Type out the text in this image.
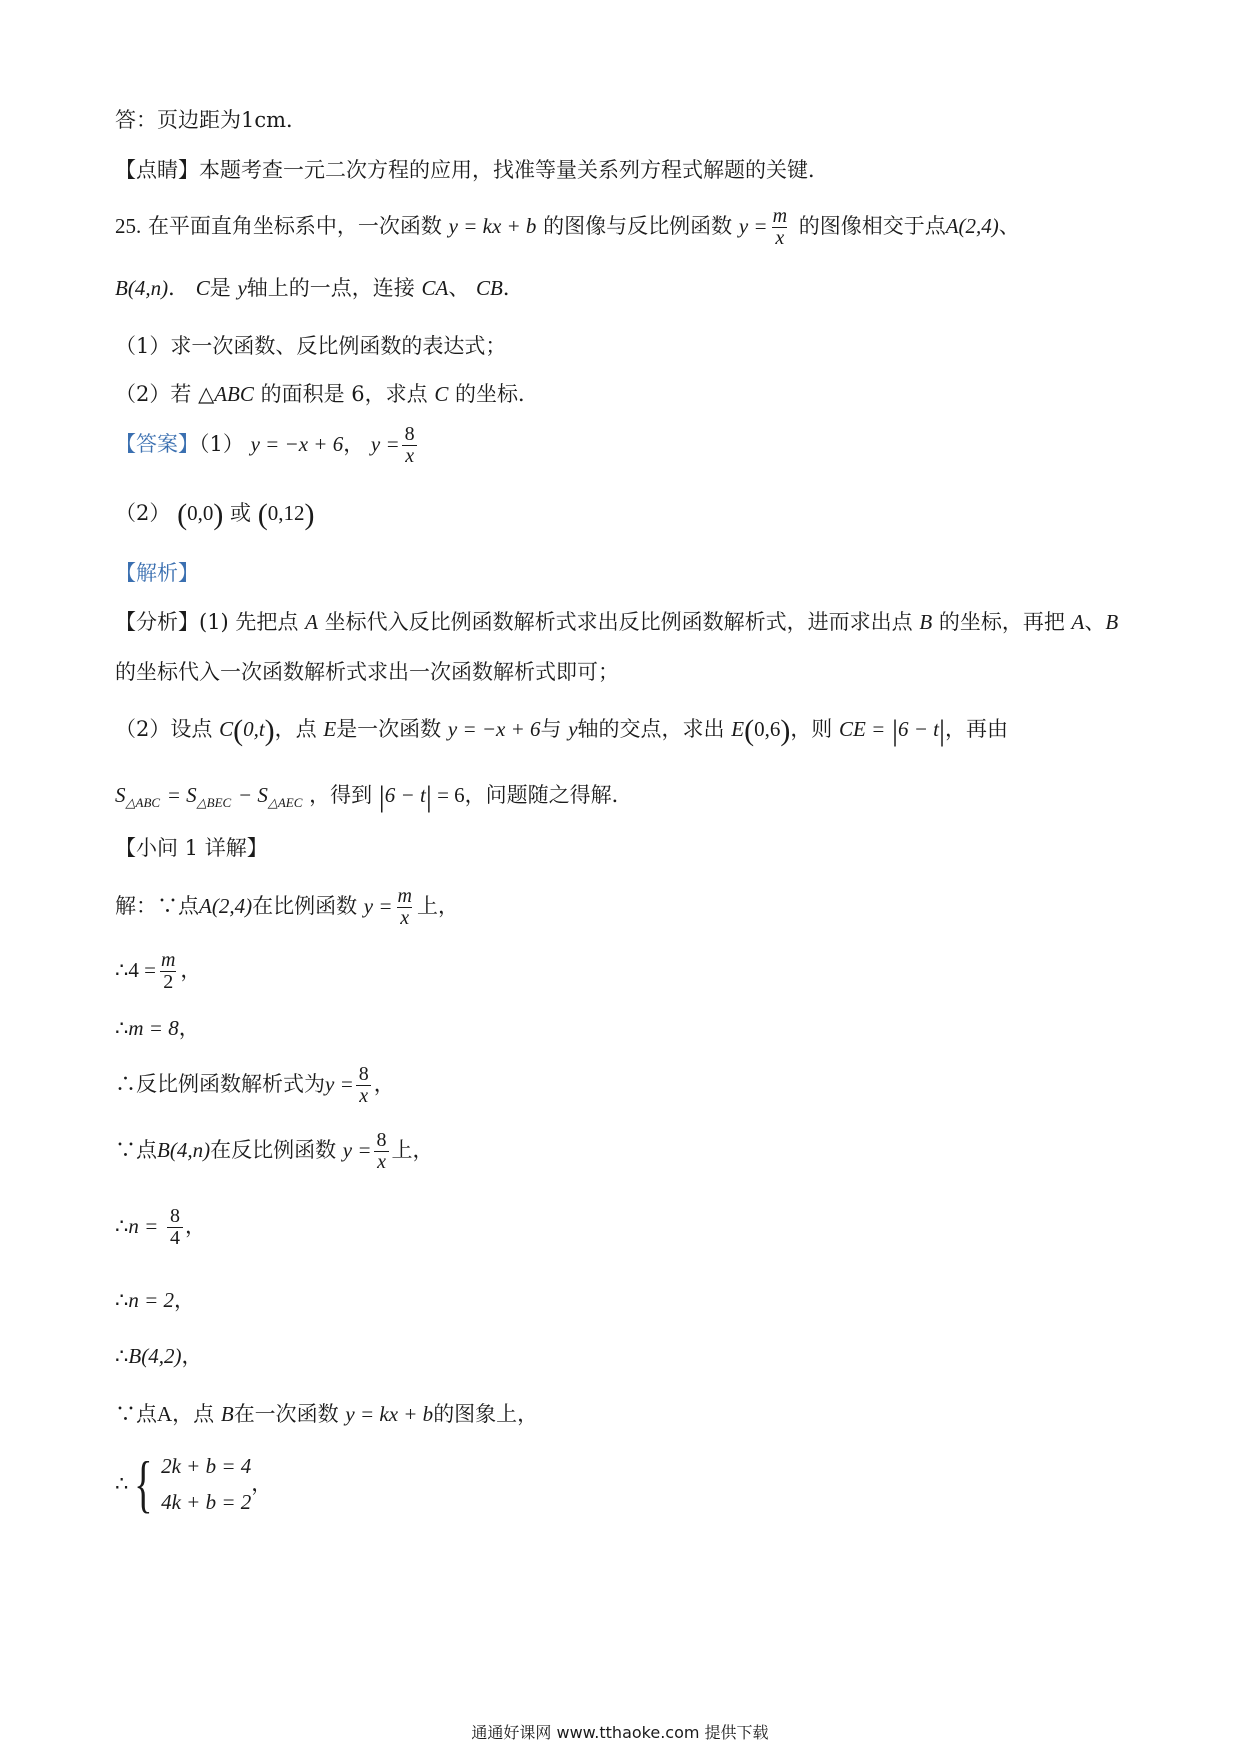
答：页边距为1cm．
【点睛】本题考查一元二次方程的应用，找准等量关系列方程式解题的关键．
25. 在平面直角坐标系中，一次函数 y = kx + b 的图像与反比例函数 $y = \frac{m}{x}$ 的图像相交于点A(2,4)、
B(4,n)． C是 y轴上的一点，连接 CA、 CB．
（1）求一次函数、反比例函数的表达式；
（2）若 △ABC 的面积是 6，求点 C 的坐标．
【答案】（1） y = −x + 6， $y = \frac{8}{x}$
（2） (0,0) 或 (0,12)
【解析】
【分析】(1) 先把点 A 坐标代入反比例函数解析式求出反比例函数解析式，进而求出点 B 的坐标，再把 A、B
的坐标代入一次函数解析式求出一次函数解析式即可；
（2）设点 C(0,t)，点 E是一次函数 y = −x + 6与 y轴的交点，求出 E(0,6)，则 CE = |6 − t|，再由
$S_{\triangle ABC} = S_{\triangle BEC} - S_{\triangle AEC}$ ，得到 |6 − t| = 6，问题随之得解．
【小问 1 详解】
解：∵点A(2,4)在比例函数 $y = \frac{m}{x}$ 上，
∴4 = $\frac{m}{2}$ ，
∴m = 8，
∴反比例函数解析式为$y = \frac{8}{x}$ ，
∵点B(4,n)在反比例函数 $y = \frac{8}{x}$ 上，
∴n = $\frac{8}{4}$ ，
∴n = 2，
∴B(4,2)，
∵点A，点 B在一次函数 y = kx + b的图象上，
∴ { 2k + b = 4
4k + b = 2
，
通通好课网 www.tthaoke.com 提供下载
